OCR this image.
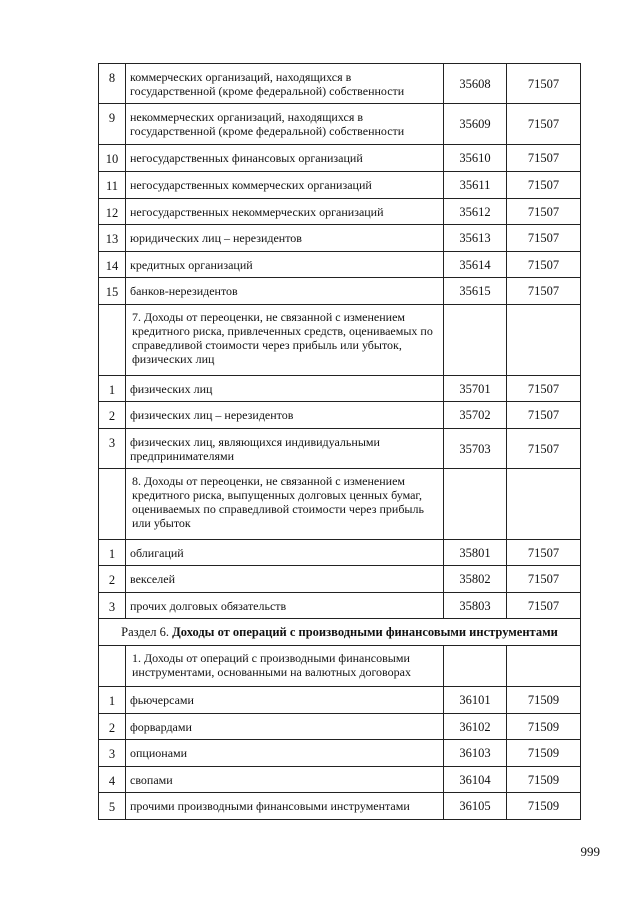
8	коммерческих организаций, находящихся в государственной (кроме федеральной) собственности	35608	71507
9	некоммерческих организаций, находящихся в государственной (кроме федеральной) собственности	35609	71507
10	негосударственных финансовых организаций	35610	71507
11	негосударственных коммерческих организаций	35611	71507
12	негосударственных некоммерческих организаций	35612	71507
13	юридических лиц – нерезидентов	35613	71507
14	кредитных организаций	35614	71507
15	банков-нерезидентов	35615	71507
	7. Доходы от переоценки, не связанной с изменением кредитного риска, привлеченных средств, оцениваемых по справедливой стоимости через прибыль или убыток, физических лиц		
1	физических лиц	35701	71507
2	физических лиц – нерезидентов	35702	71507
3	физических лиц, являющихся индивидуальными предпринимателями	35703	71507
	8. Доходы от переоценки, не связанной с изменением кредитного риска, выпущенных долговых ценных бумаг, оцениваемых по справедливой стоимости через прибыль или убыток		
1	облигаций	35801	71507
2	векселей	35802	71507
3	прочих долговых обязательств	35803	71507
Раздел 6. Доходы от операций с производными финансовыми инструментами			
	1. Доходы от операций с производными финансовыми инструментами, основанными на валютных договорах		
1	фьючерсами	36101	71509
2	форвардами	36102	71509
3	опционами	36103	71509
4	свопами	36104	71509
5	прочими производными финансовыми инструментами	36105	71509
999
